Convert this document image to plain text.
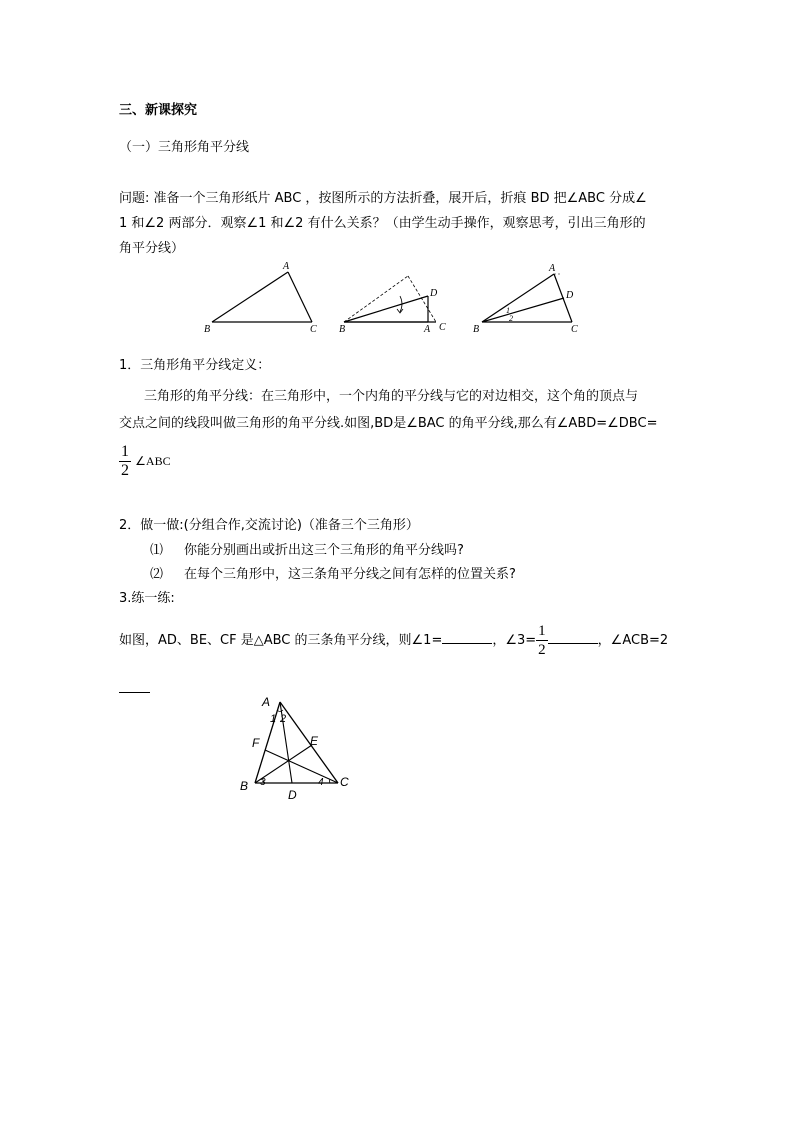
三、新课探究
（一）三角形角平分线
问题: 准备一个三角形纸片 ABC ，按图所示的方法折叠，展开后，折痕 BD 把∠ABC 分成∠
1 和∠2 两部分．观察∠1 和∠2 有什么关系？（由学生动手操作，观察思考，引出三角形的
角平分线）
A
B	C B
D
A C
A
D
B	C
1
2
1．三角形角平分线定义：
三角形的角平分线：在三角形中，一个内角的平分线与它的对边相交，这个角的顶点与
交点之间的线段叫做三角形的角平分线.如图,BD是∠BAC 的角平分线,那么有∠ABD=∠DBC=
$\frac{1}{2}$ ∠ABC
2．做一做:(分组合作,交流讨论)（准备三个三角形）
⑴ 你能分别画出或折出这三个三角形的角平分线吗?
⑵ 在每个三角形中，这三条角平分线之间有怎样的位置关系?
3.练一练:
如图，AD、BE、CF 是△ABC 的三条角平分线，则∠1=	，∠3= $\frac{1}{2}$	，∠ACB=2
A
1 2
F	E
B 3
D
4 C
